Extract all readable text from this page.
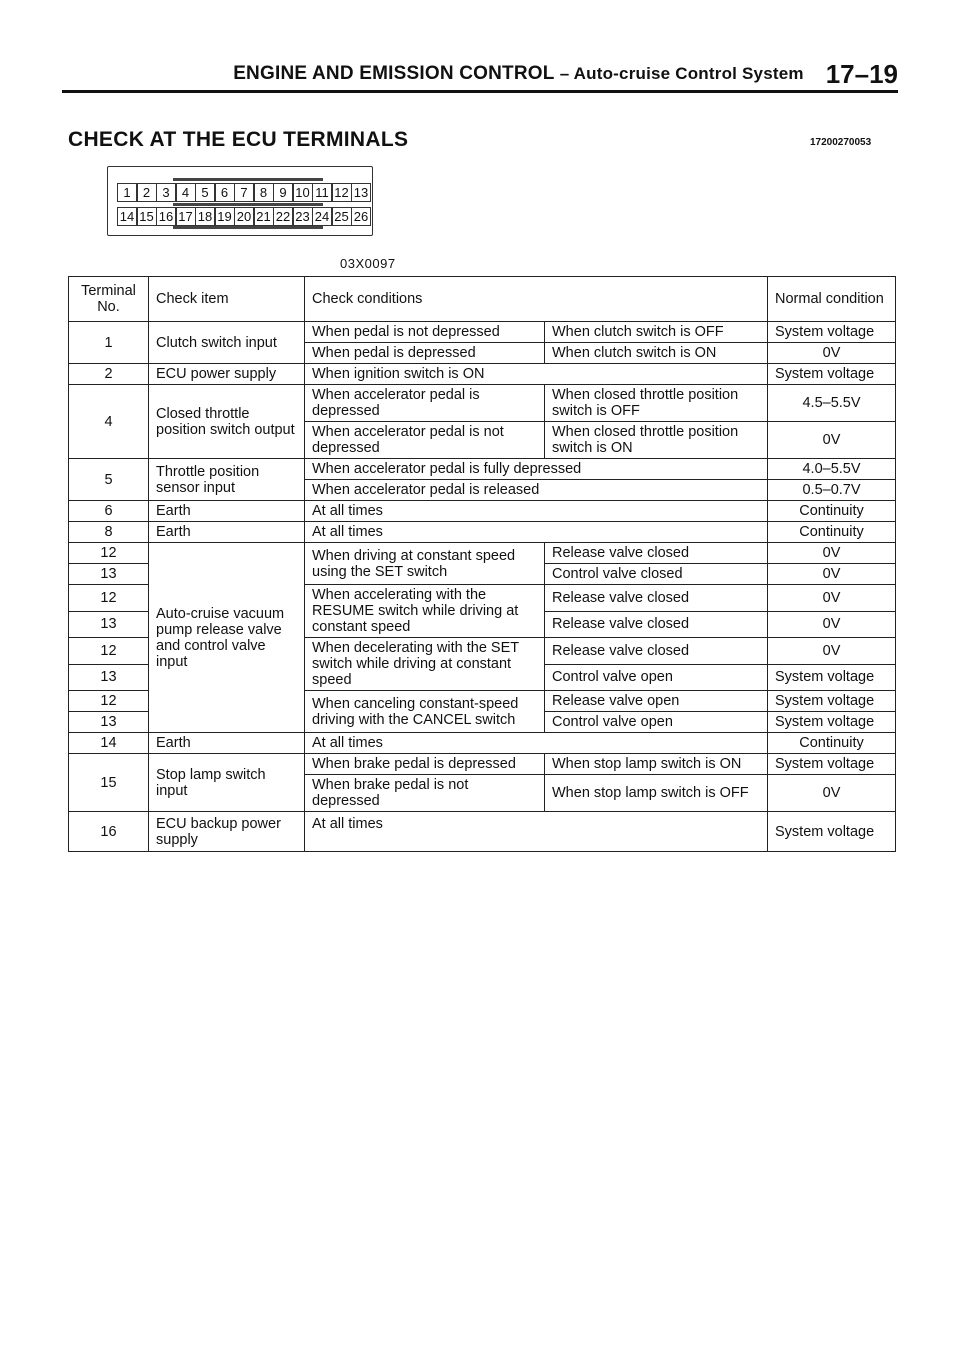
ENGINE AND EMISSION CONTROL – Auto-cruise Control System 17–19
CHECK AT THE ECU TERMINALS	17200270053
1 2 3 4 5 6 7 8 9 10 11 12 13
14 15 16 17 18 19 20 21 22 23 24 25 26
03X0097
Terminal No.	Check item	Check conditions		Normal condition
1	Clutch switch input	When pedal is not depressed	When clutch switch is OFF	System voltage
		When pedal is depressed	When clutch switch is ON	0V
2	ECU power supply	When ignition switch is ON		System voltage
4	Closed throttle position switch output	When accelerator pedal is depressed	When closed throttle position switch is OFF	4.5–5.5V
		When accelerator pedal is not depressed	When closed throttle position switch is ON	0V
5	Throttle position sensor input	When accelerator pedal is fully depressed		4.0–5.5V
		When accelerator pedal is released		0.5–0.7V
6	Earth	At all times		Continuity
8	Earth	At all times		Continuity
12	Auto-cruise vacuum pump release valve and control valve input	When driving at constant speed using the SET switch	Release valve closed	0V
13			Control valve closed	0V
12		When accelerating with the RESUME switch while driving at constant speed	Release valve closed	0V
13			Release valve closed	0V
12		When decelerating with the SET switch while driving at constant speed	Release valve closed	0V
13			Control valve open	System voltage
12		When canceling constant-speed driving with the CANCEL switch	Release valve open	System voltage
13			Control valve open	System voltage
14	Earth	At all times		Continuity
15	Stop lamp switch input	When brake pedal is depressed	When stop lamp switch is ON	System voltage
		When brake pedal is not depressed	When stop lamp switch is OFF	0V
16	ECU backup power supply	At all times		System voltage
